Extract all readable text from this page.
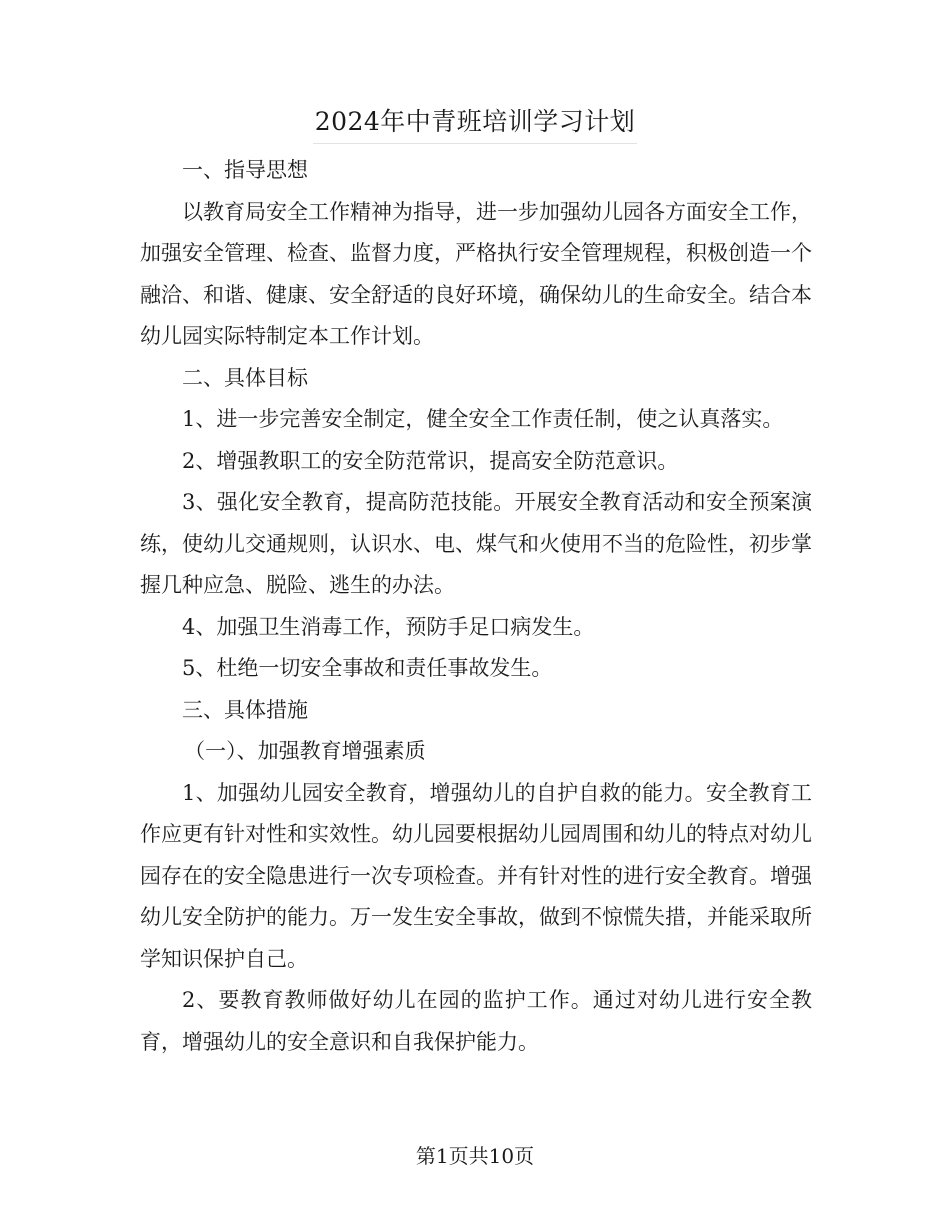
2024年中青班培训学习计划

一、指导思想

以教育局安全工作精神为指导，进一步加强幼儿园各方面安全工作，加强安全管理、检查、监督力度，严格执行安全管理规程，积极创造一个融洽、和谐、健康、安全舒适的良好环境，确保幼儿的生命安全。结合本幼儿园实际特制定本工作计划。

二、具体目标

1、进一步完善安全制定，健全安全工作责任制，使之认真落实。

2、增强教职工的安全防范常识，提高安全防范意识。

3、强化安全教育，提高防范技能。开展安全教育活动和安全预案演练，使幼儿交通规则，认识水、电、煤气和火使用不当的危险性，初步掌握几种应急、脱险、逃生的办法。

4、加强卫生消毒工作，预防手足口病发生。

5、杜绝一切安全事故和责任事故发生。

三、具体措施

（一）、加强教育增强素质

1、加强幼儿园安全教育，增强幼儿的自护自救的能力。安全教育工作应更有针对性和实效性。幼儿园要根据幼儿园周围和幼儿的特点对幼儿园存在的安全隐患进行一次专项检查。并有针对性的进行安全教育。增强幼儿安全防护的能力。万一发生安全事故，做到不惊慌失措，并能采取所学知识保护自己。

2、要教育教师做好幼儿在园的监护工作。通过对幼儿进行安全教育，增强幼儿的安全意识和自我保护能力。

第1页共10页
